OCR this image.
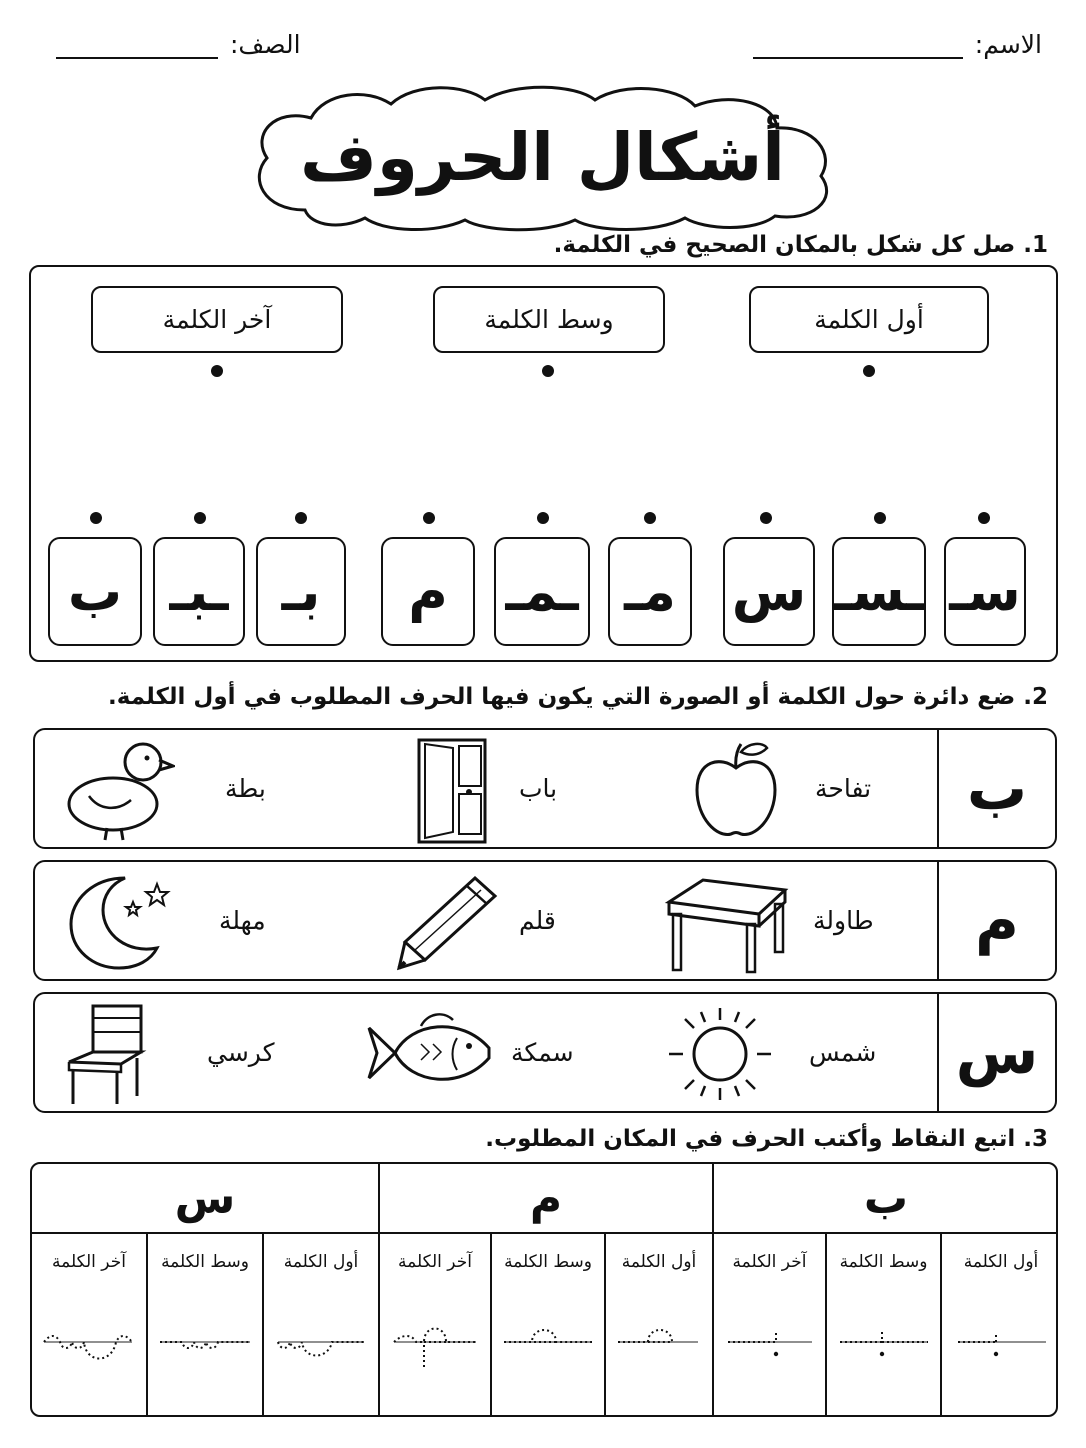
الاسم:
الصف:
أشكال الحروف
1. صل كل شكل بالمكان الصحيح في الكلمة.
أول الكلمة
وسط الكلمة
آخر الكلمة
سـ
ـسـ
س
مـ
ـمـ
م
بـ
ـبـ
ب
2. ضع دائرة حول الكلمة أو الصورة التي يكون فيها الحرف المطلوب في أول الكلمة.
ب
تفاحة
باب
بطة
م
طاولة
قلم
مهلة
س
شمس
سمكة
كرسي
3. اتبع النقاط وأكتب الحرف في المكان المطلوب.
ب
م
س
أول الكلمة
وسط الكلمة
آخر الكلمة
أول الكلمة
وسط الكلمة
آخر الكلمة
أول الكلمة
وسط الكلمة
آخر الكلمة
